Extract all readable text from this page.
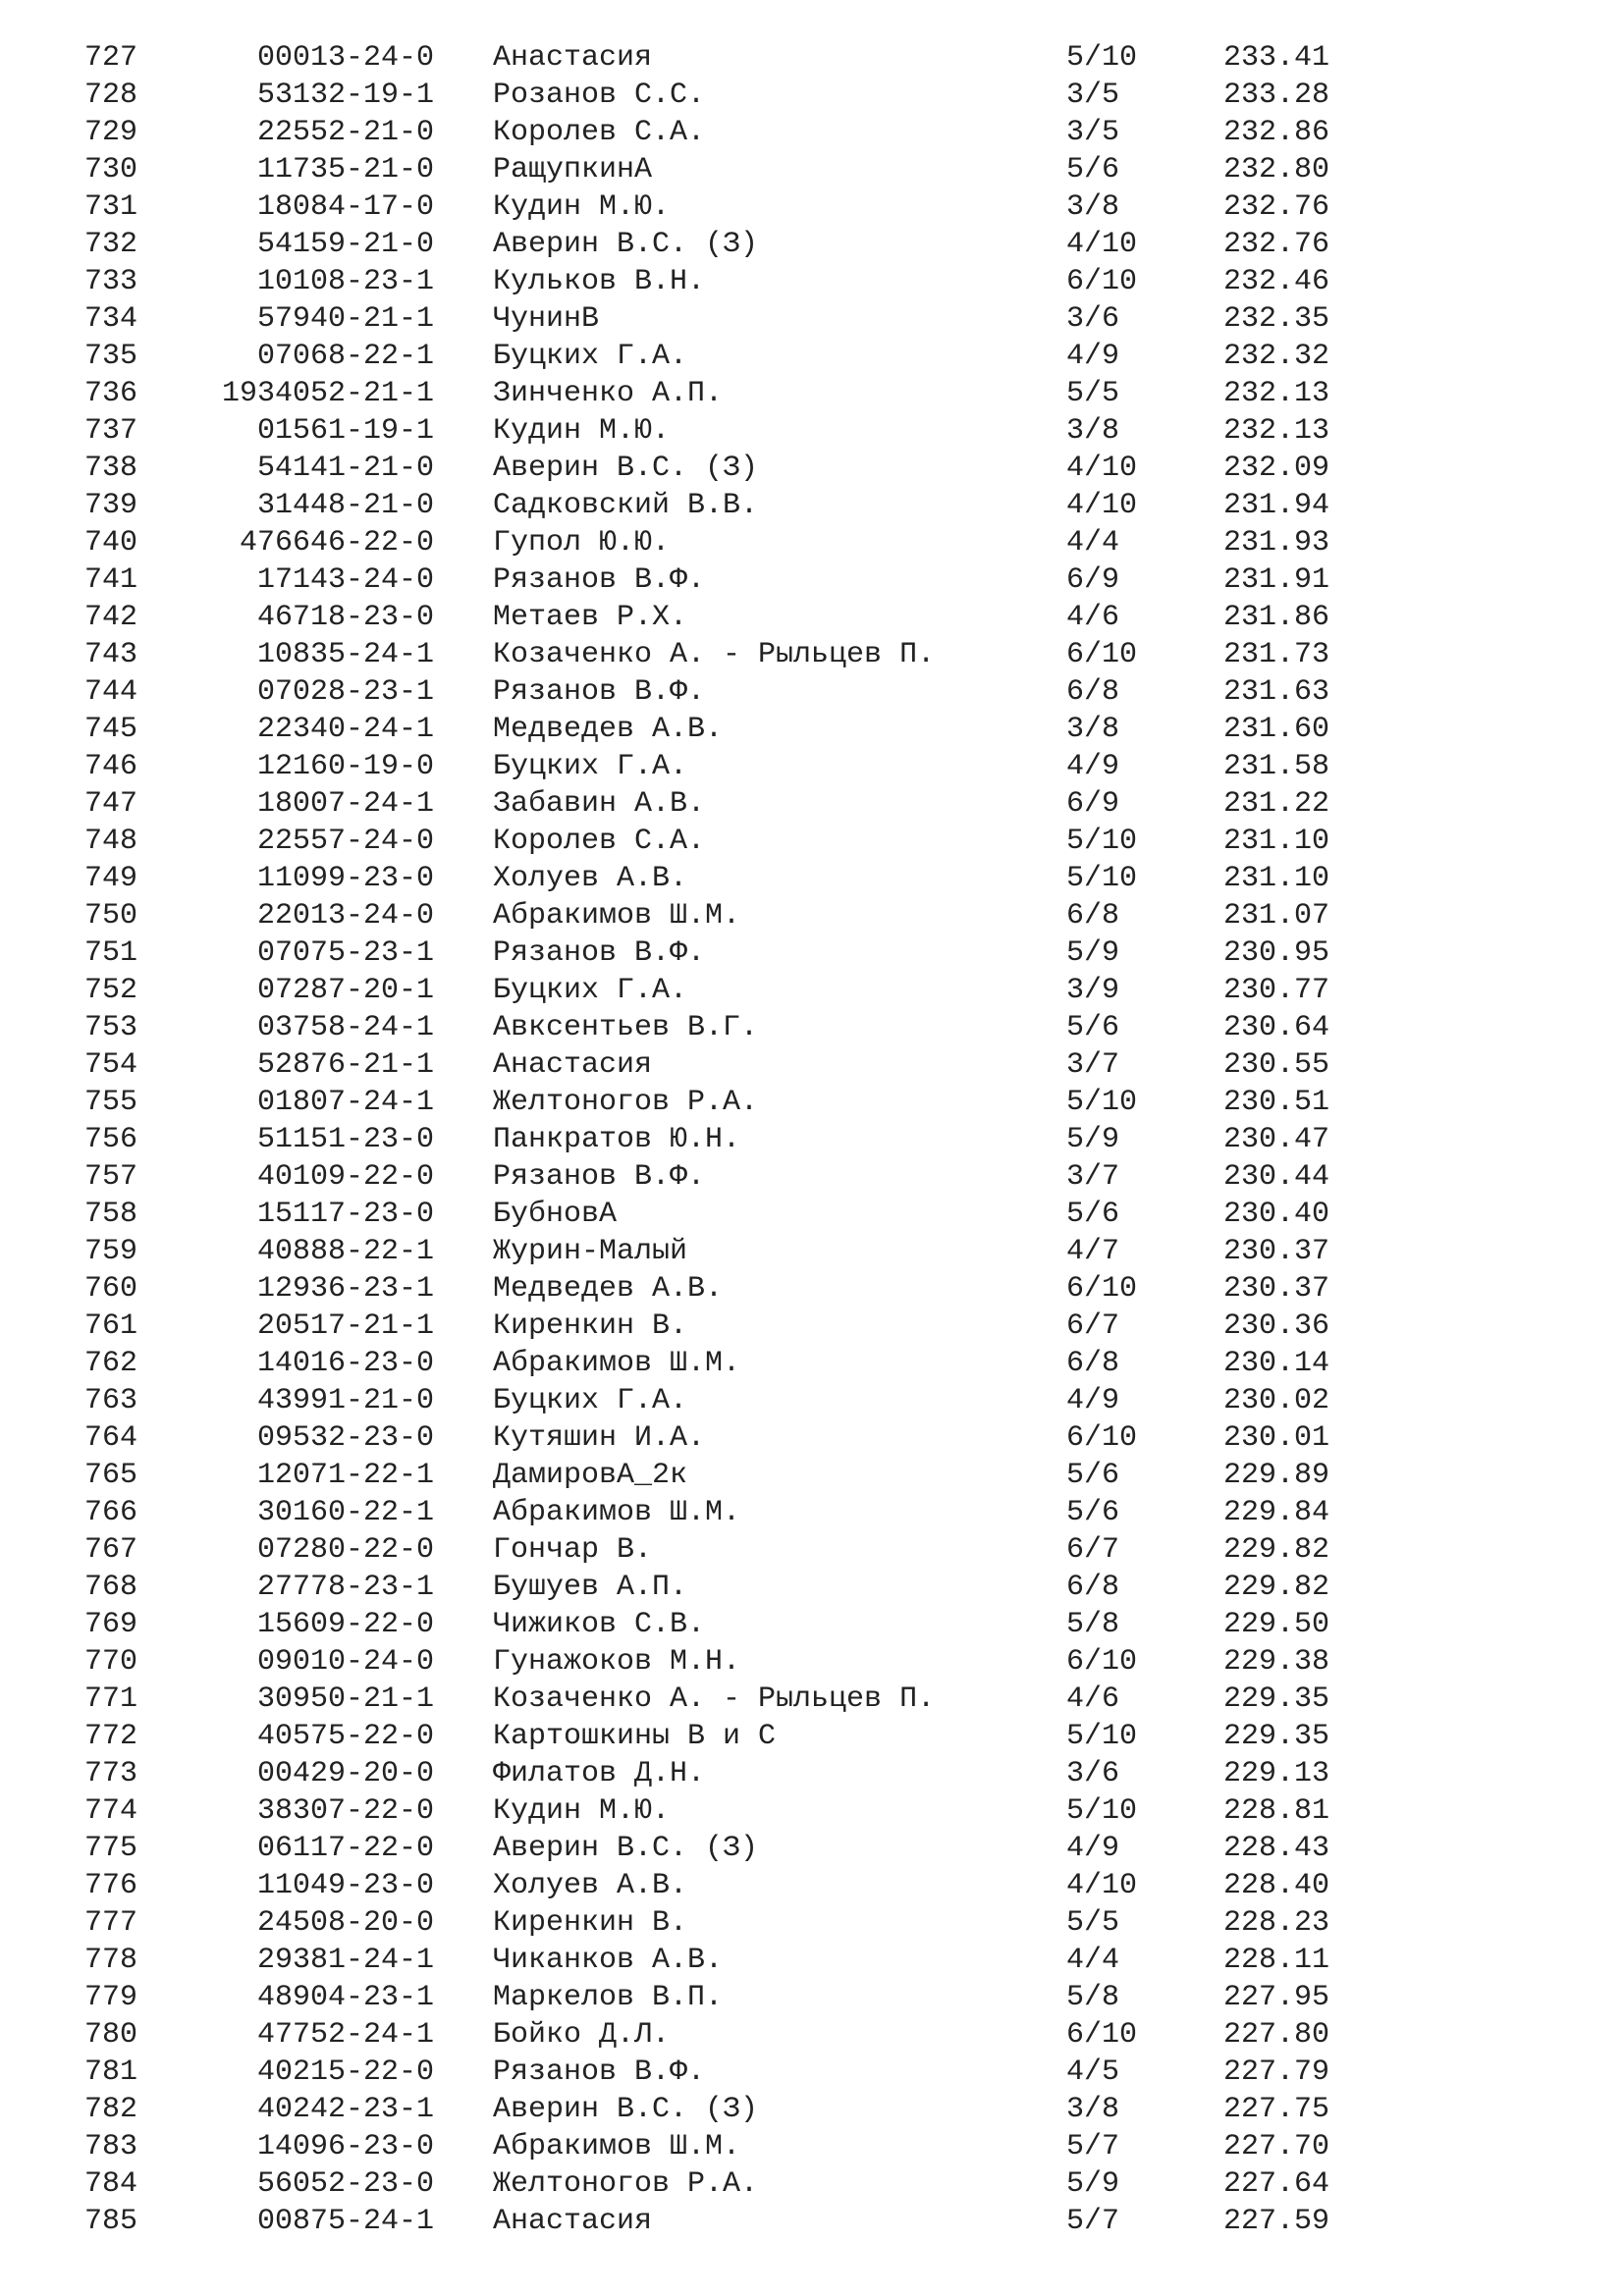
727	00013-24-0 Анастасия	5/10	233.41
728	53132-19-1 Розанов С.С.	3/5	233.28
729	22552-21-0 Королев С.А.	3/5	232.86
730	11735-21-0 РащупкинА	5/6	232.80
731	18084-17-0 Кудин М.Ю.	3/8	232.76
732	54159-21-0 Аверин В.С. (З)	4/10	232.76
733	10108-23-1 Кульков В.Н.	6/10	232.46
734	57940-21-1 ЧунинВ	3/6	232.35
735	07068-22-1 Буцких Г.А.	4/9	232.32
736	1934052-21-1 Зинченко А.П.	5/5	232.13
737	01561-19-1 Кудин М.Ю.	3/8	232.13
738	54141-21-0 Аверин В.С. (З)	4/10	232.09
739	31448-21-0 Садковский В.В.	4/10	231.94
740	476646-22-0 Гупол Ю.Ю.	4/4	231.93
741	17143-24-0 Рязанов В.Ф.	6/9	231.91
742	46718-23-0 Метаев Р.Х.	4/6	231.86
743	10835-24-1 Козаченко А. - Рыльцев П.	6/10	231.73
744	07028-23-1 Рязанов В.Ф.	6/8	231.63
745	22340-24-1 Медведев А.В.	3/8	231.60
746	12160-19-0 Буцких Г.А.	4/9	231.58
747	18007-24-1 Забавин А.В.	6/9	231.22
748	22557-24-0 Королев С.А.	5/10	231.10
749	11099-23-0 Холуев А.В.	5/10	231.10
750	22013-24-0 Абракимов Ш.М.	6/8	231.07
751	07075-23-1 Рязанов В.Ф.	5/9	230.95
752	07287-20-1 Буцких Г.А.	3/9	230.77
753	03758-24-1 Авксентьев В.Г.	5/6	230.64
754	52876-21-1 Анастасия	3/7	230.55
755	01807-24-1 Желтоногов Р.А.	5/10	230.51
756	51151-23-0 Панкратов Ю.Н.	5/9	230.47
757	40109-22-0 Рязанов В.Ф.	3/7	230.44
758	15117-23-0 БубновА	5/6	230.40
759	40888-22-1 Журин-Малый	4/7	230.37
760	12936-23-1 Медведев А.В.	6/10	230.37
761	20517-21-1 Киренкин В.	6/7	230.36
762	14016-23-0 Абракимов Ш.М.	6/8	230.14
763	43991-21-0 Буцких Г.А.	4/9	230.02
764	09532-23-0 Кутяшин И.А.	6/10	230.01
765	12071-22-1 ДамировА_2к	5/6	229.89
766	30160-22-1 Абракимов Ш.М.	5/6	229.84
767	07280-22-0 Гончар В.	6/7	229.82
768	27778-23-1 Бушуев А.П.	6/8	229.82
769	15609-22-0 Чижиков С.В.	5/8	229.50
770	09010-24-0 Гунажоков М.Н.	6/10	229.38
771	30950-21-1 Козаченко А. - Рыльцев П.	4/6	229.35
772	40575-22-0 Картошкины В и С	5/10	229.35
773	00429-20-0 Филатов Д.Н.	3/6	229.13
774	38307-22-0 Кудин М.Ю.	5/10	228.81
775	06117-22-0 Аверин В.С. (З)	4/9	228.43
776	11049-23-0 Холуев А.В.	4/10	228.40
777	24508-20-0 Киренкин В.	5/5	228.23
778	29381-24-1 Чиканков А.В.	4/4	228.11
779	48904-23-1 Маркелов В.П.	5/8	227.95
780	47752-24-1 Бойко Д.Л.	6/10	227.80
781	40215-22-0 Рязанов В.Ф.	4/5	227.79
782	40242-23-1 Аверин В.С. (З)	3/8	227.75
783	14096-23-0 Абракимов Ш.М.	5/7	227.70
784	56052-23-0 Желтоногов Р.А.	5/9	227.64
785	00875-24-1 Анастасия	5/7	227.59
